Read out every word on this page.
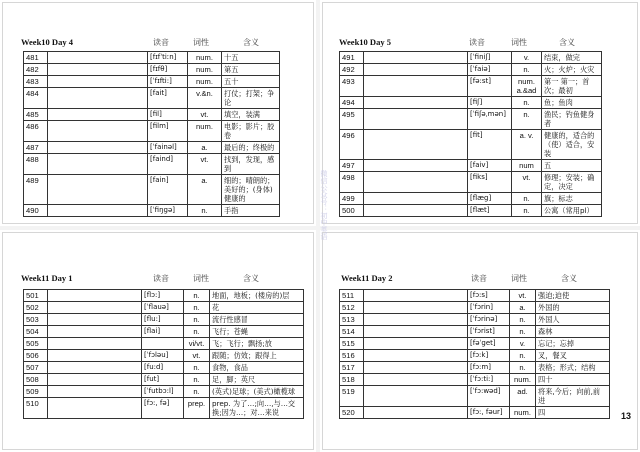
Week10 Day 4	读音	词性	含义
481		[fɪfˈtiːn]	num.	十五
482		[fɪfθ]	num.	第五
483		[ˈfɪfti:]	num.	五十
484		[fait]	v.&n.	打仗；打架；争论
485		[fil]	vt.	填空，装满
486		[film]	num.	电影；影片；胶卷
487		[ˈfainəl]	a.	最后的；终极的
488		[faind]	vt.	找到，发现，感到
489		[fain]	a.	细的；晴朗的；美好的；(身体)健康的
490		[ˈfiŋgə]	n.	手指
Week10 Day 5	读音	词性	含义
491		[ˈfiniʃ]	v.	结束，做完
492		[ˈfaiə]	n.	火；火炉；火灾
493		[fə:st]	num. a.&ad	第一 第一；首次；最初
494		[fiʃ]	n.	鱼；鱼肉
495		[ˈfiʃəˌmən]	n.	渔民；钓鱼健身者
496		[fit]	a. v.	健康的，适合的 （使）适合，安装
497		[faiv]	num	五
498		[fiks]	vt.	修理；安装；确定，决定
499		[flæg]	n.	旗；标志
500		[flæt]	n.	公寓（常用pl）
Week11 Day 1	读音	词性	含义
501		[flɔ:]	n.	地面，地板；(楼房的)层
502		[ˈflauə]	n.	花
503		[flu:]	n.	流行性感冒
504		[flai]	n.	飞行；苍蝇
505			vi/vt.	飞；飞行；飘扬;放
506		[ˈfɔləu]	vt.	跟随；仿效；跟得上
507		[fu:d]	n.	食物，食品
508		[fut]	n.	足，脚；英尺
509		[ˈfutbɔ:l]	n.	(英式)足球；(美式)橄榄球
510		[fɔ:, fə]	prep.	prep. 为了…;向…,与…交换;因为…；对…来说
Week11 Day 2	读音	词性	含义
511		[fɔ:s]	vt.	强迫;迫使
512		[ˈfɔrin]	a.	外国的
513		[ˈfɔrinə]	n.	外国人
514		[ˈfɔrist]	n.	森林
515		[fəˈget]	v.	忘记；忘掉
516		[fɔ:k]	n.	叉，餐叉
517		[fɔ:m]	n.	表格；形式；结构
518		[ˈfɔ:ti:]	num.	四十
519		[ˈfɔ:wəd]	ad.	将来,今后；向前,前进
520		[fɔ:, fəur]	num.	四	13
微信公众号：初中英语
